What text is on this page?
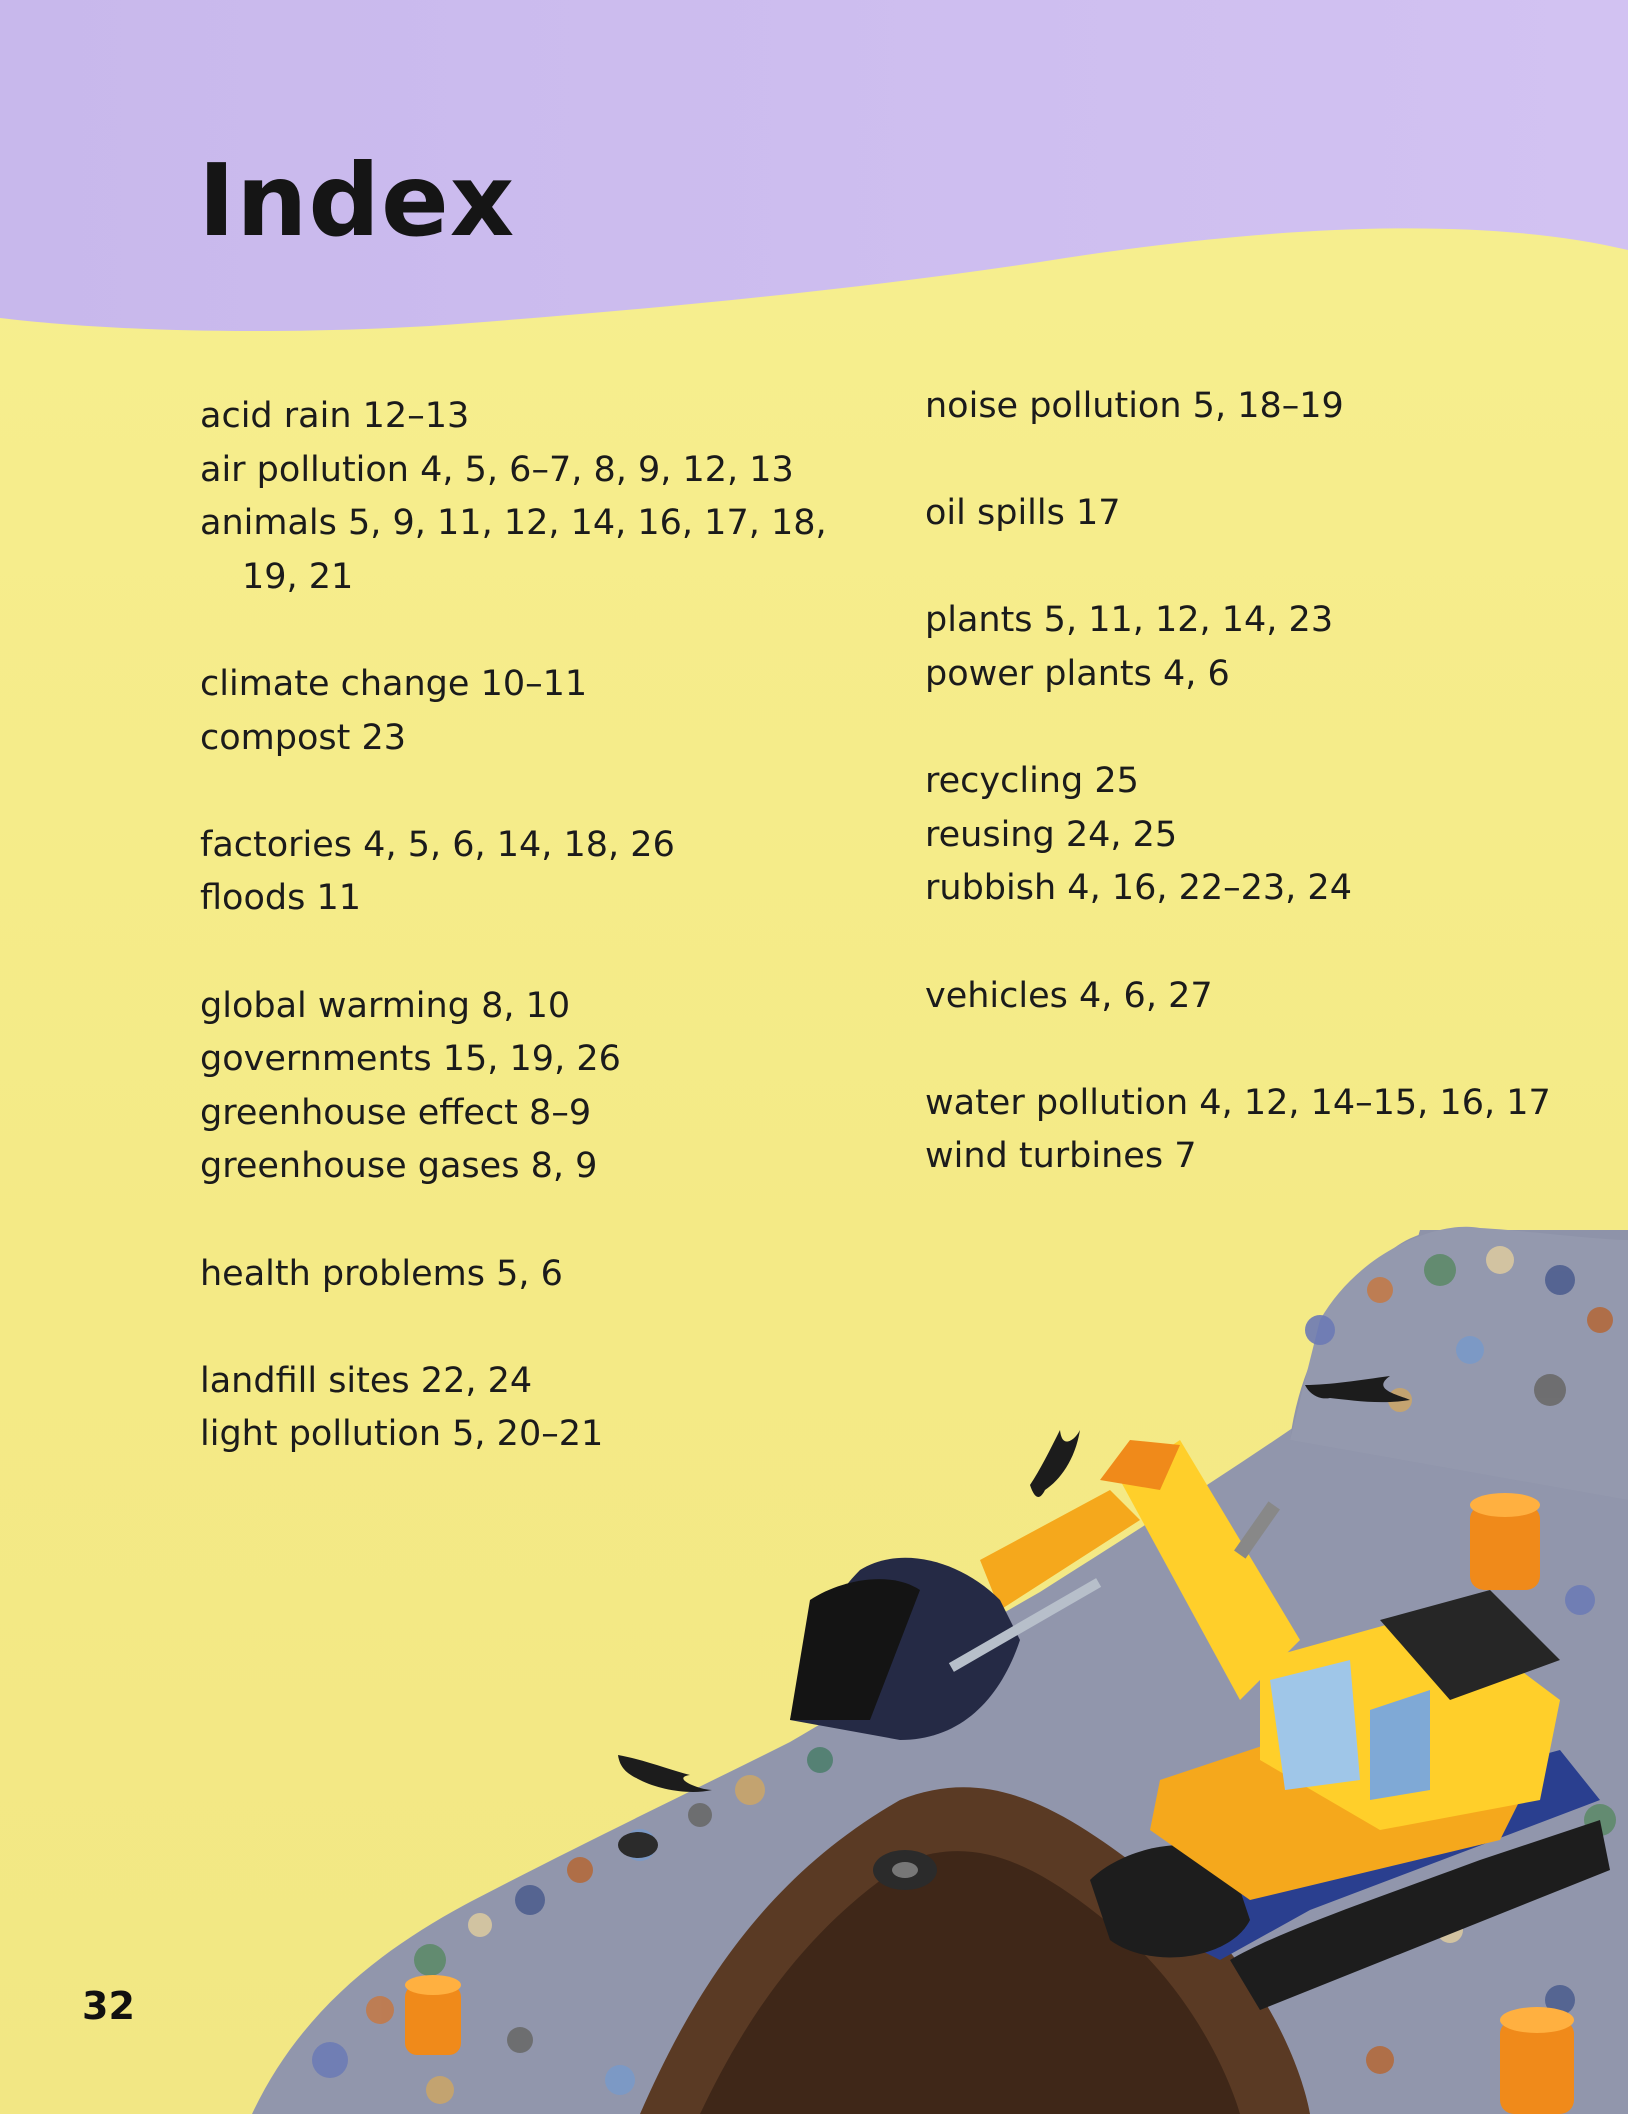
Index
acid rain 12–13
air pollution 4, 5, 6–7, 8, 9, 12, 13
animals 5, 9, 11, 12, 14, 16, 17, 18,
19, 21
climate change 10–11
compost 23
factories 4, 5, 6, 14, 18, 26
floods 11
global warming 8, 10
governments 15, 19, 26
greenhouse effect 8–9
greenhouse gases 8, 9
health problems 5, 6
landfill sites 22, 24
light pollution 5, 20–21
noise pollution 5, 18–19
oil spills 17
plants 5, 11, 12, 14, 23
power plants 4, 6
recycling 25
reusing 24, 25
rubbish 4, 16, 22–23, 24
vehicles 4, 6, 27
water pollution 4, 12, 14–15, 16, 17
wind turbines 7
32
